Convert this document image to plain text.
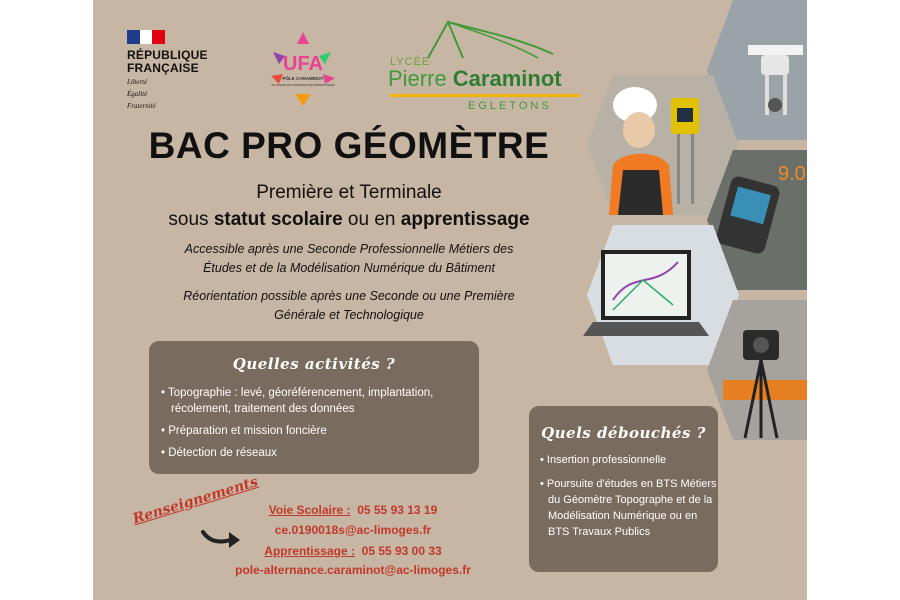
RÉPUBLIQUE
FRANÇAISE
Liberté
Égalité
Fraternité
UFA
PÔLE CARAMINOT
UN CENTRE DE FORMATION PAR APPRENTISSAGE
LYCÉE
Pierre Caraminot
EGLETONS
BAC PRO GÉOMÈTRE
Première et Terminale
sous statut scolaire ou en apprentissage
Accessible après une Seconde Professionnelle Métiers des
Études et de la Modélisation Numérique du Bâtiment
Réorientation possible après une Seconde ou une Première
Générale et Technologique
Quelles activités ?
• Topographie : levé, géoréférencement, implantation, récolement, traitement des données
• Préparation et mission foncière
• Détection de réseaux
Quels débouchés ?
• Insertion professionnelle
• Poursuite d'études en BTS Métiers du Géomètre Topographe et de la Modélisation Numérique ou en BTS Travaux Publics
Renseignements Voie Scolaire : 05 55 93 13 19
ce.0190018s@ac-limoges.fr
Apprentissage : 05 55 93 00 33
pole-alternance.caraminot@ac-limoges.fr
9.0
